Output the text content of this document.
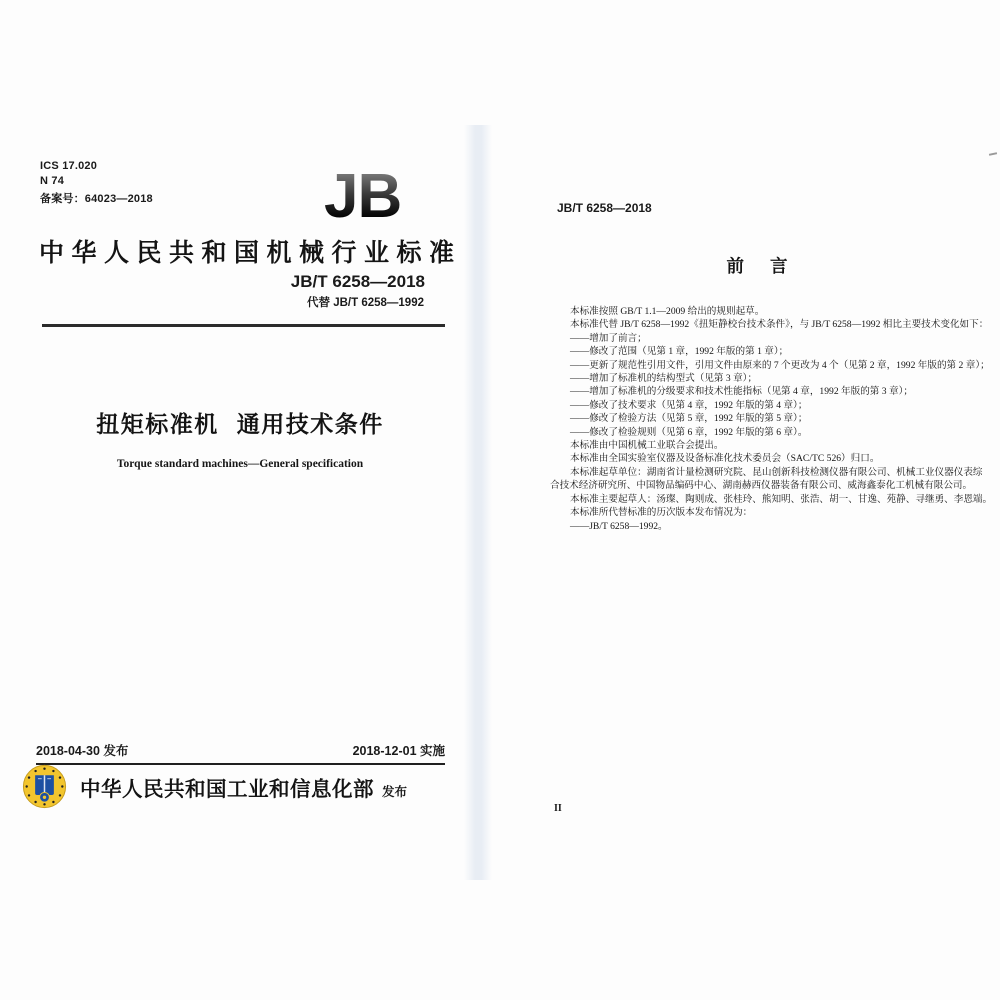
ICS 17.020
N 74
备案号：64023—2018	JB
中华人民共和国机械行业标准
JB/T 6258—2018
代替 JB/T 6258—1992
扭矩标准机 通用技术条件
Torque standard machines—General specification
2018-04-30 发布	2018-12-01 实施
中华人民共和国工业和信息化部 发布
JB/T 6258—2018
前 言
本标准按照 GB/T 1.1—2009 给出的规则起草。
本标准代替 JB/T 6258—1992《扭矩静校台技术条件》，与 JB/T 6258—1992 相比主要技术变化如下：
——增加了前言；
——修改了范围（见第 1 章，1992 年版的第 1 章）；
——更新了规范性引用文件，引用文件由原来的 7 个更改为 4 个（见第 2 章，1992 年版的第 2 章）；
——增加了标准机的结构型式（见第 3 章）；
——增加了标准机的分级要求和技术性能指标（见第 4 章，1992 年版的第 3 章）；
——修改了技术要求（见第 4 章，1992 年版的第 4 章）；
——修改了检验方法（见第 5 章，1992 年版的第 5 章）；
——修改了检验规则（见第 6 章，1992 年版的第 6 章）。
本标准由中国机械工业联合会提出。
本标准由全国实验室仪器及设备标准化技术委员会（SAC/TC 526）归口。
本标准起草单位：湖南省计量检测研究院、昆山创新科技检测仪器有限公司、机械工业仪器仪表综
合技术经济研究所、中国物品编码中心、湖南赫西仪器装备有限公司、威海鑫泰化工机械有限公司。
本标准主要起草人：汤璨、陶则成、张桂玲、熊知明、张浩、胡一、甘逸、苑静、寻继勇、李恩端。
本标准所代替标准的历次版本发布情况为：
——JB/T 6258—1992。
II
